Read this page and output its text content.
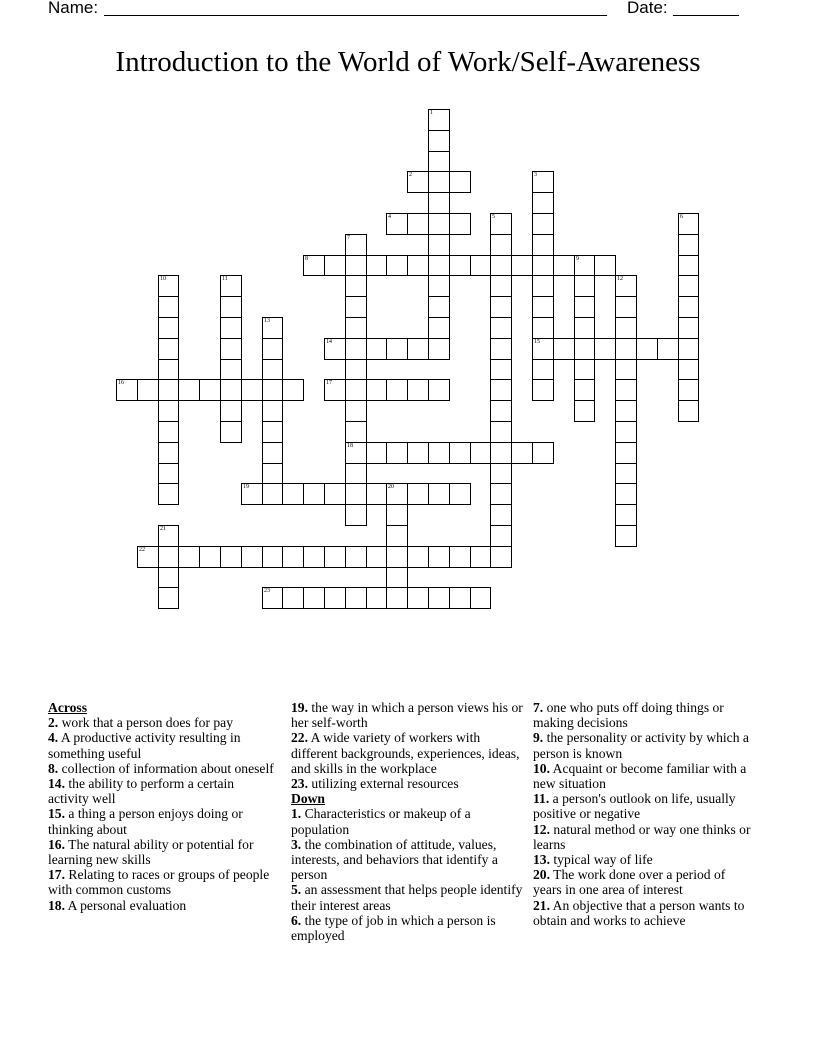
Name:	Date:
Introduction to the World of Work/Self-Awareness
1
2	3
4	5	6
7
8	9
10	11	12
13
14	15
16	17
18
19	20
21
22
23
Across
2. work that a person does for pay
4. A productive activity resulting in something useful
8. collection of information about oneself
14. the ability to perform a certain activity well
15. a thing a person enjoys doing or thinking about
16. The natural ability or potential for learning new skills
17. Relating to races or groups of people with common customs
18. A personal evaluation
19. the way in which a person views his or her self-worth
22. A wide variety of workers with different backgrounds, experiences, ideas, and skills in the workplace
23. utilizing external resources
Down
1. Characteristics or makeup of a population
3. the combination of attitude, values, interests, and behaviors that identify a person
5. an assessment that helps people identify their interest areas
6. the type of job in which a person is employed
7. one who puts off doing things or making decisions
9. the personality or activity by which a person is known
10. Acquaint or become familiar with a new situation
11. a person's outlook on life, usually positive or negative
12. natural method or way one thinks or learns
13. typical way of life
20. The work done over a period of years in one area of interest
21. An objective that a person wants to obtain and works to achieve
